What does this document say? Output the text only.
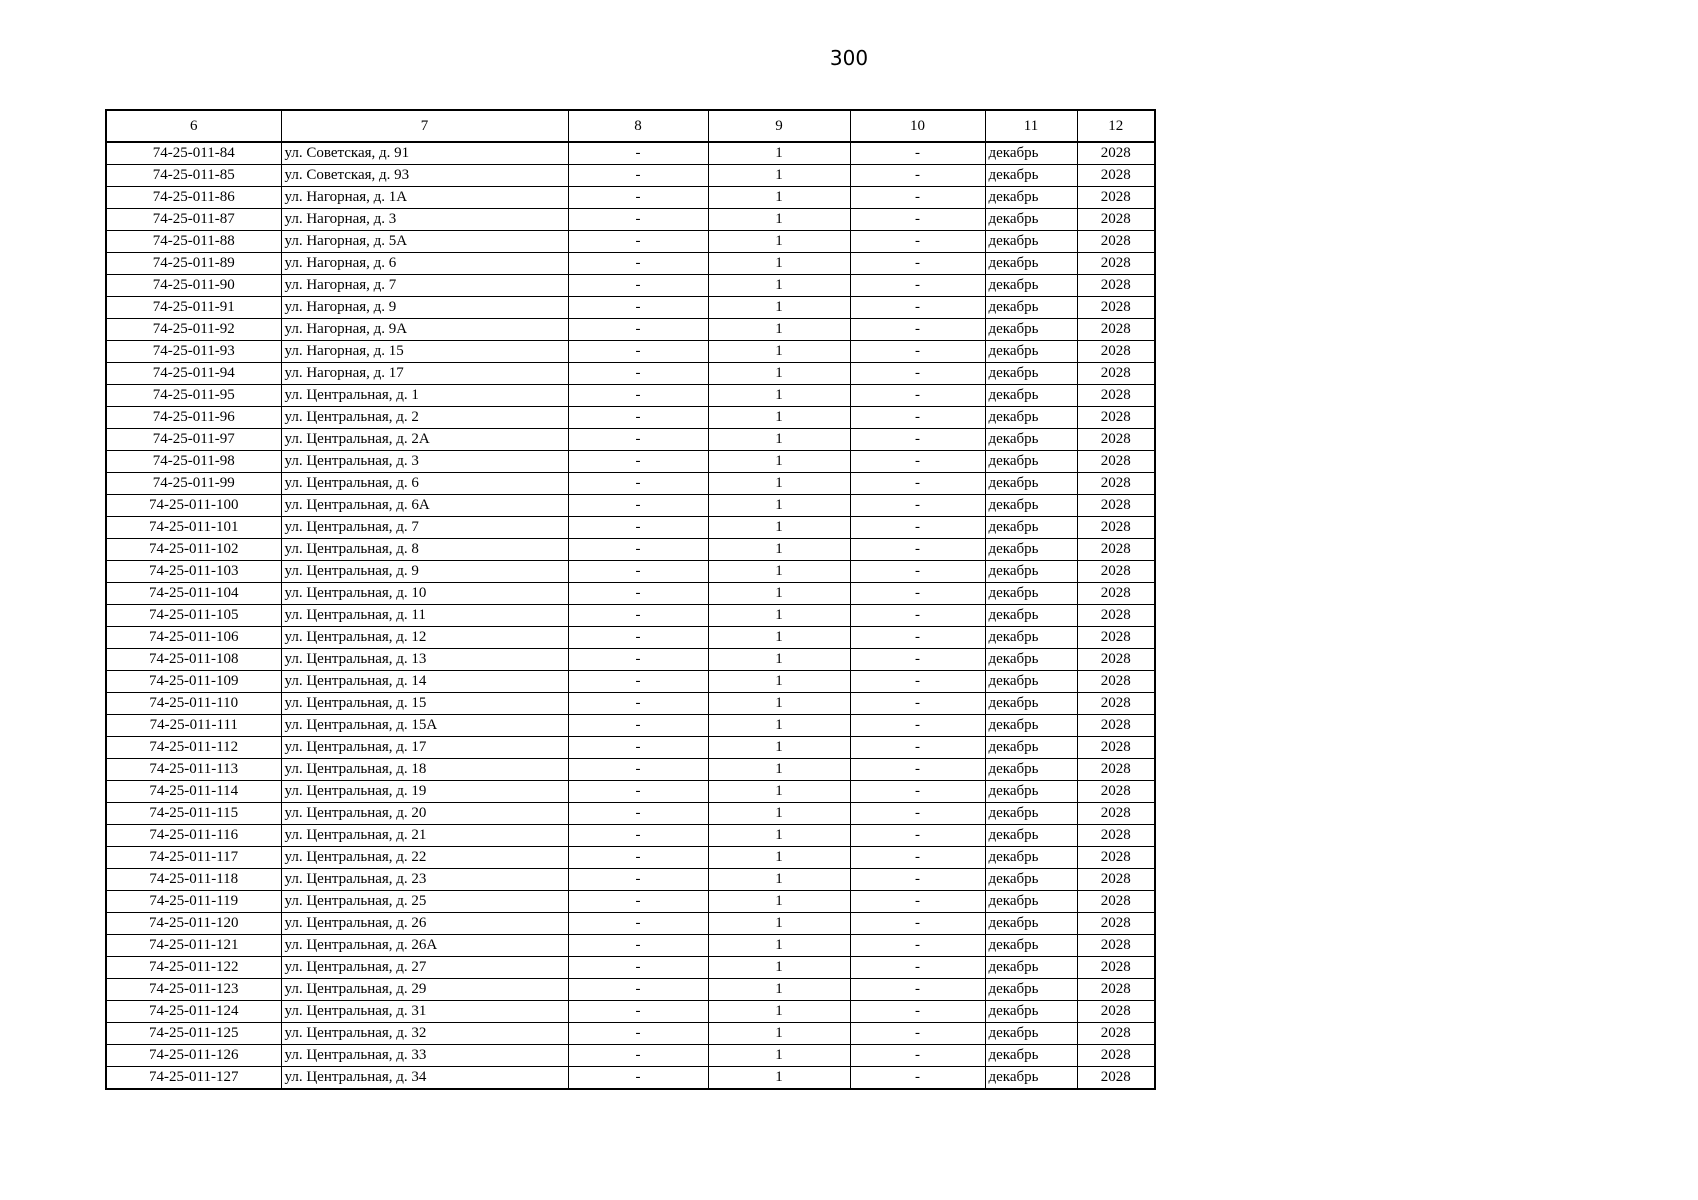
300
6	7	8	9	10	11	12
74-25-011-84	ул. Советская, д. 91	-	1	-	декабрь	2028
74-25-011-85	ул. Советская, д. 93	-	1	-	декабрь	2028
74-25-011-86	ул. Нагорная, д. 1А	-	1	-	декабрь	2028
74-25-011-87	ул. Нагорная, д. 3	-	1	-	декабрь	2028
74-25-011-88	ул. Нагорная, д. 5А	-	1	-	декабрь	2028
74-25-011-89	ул. Нагорная, д. 6	-	1	-	декабрь	2028
74-25-011-90	ул. Нагорная, д. 7	-	1	-	декабрь	2028
74-25-011-91	ул. Нагорная, д. 9	-	1	-	декабрь	2028
74-25-011-92	ул. Нагорная, д. 9А	-	1	-	декабрь	2028
74-25-011-93	ул. Нагорная, д. 15	-	1	-	декабрь	2028
74-25-011-94	ул. Нагорная, д. 17	-	1	-	декабрь	2028
74-25-011-95	ул. Центральная, д. 1	-	1	-	декабрь	2028
74-25-011-96	ул. Центральная, д. 2	-	1	-	декабрь	2028
74-25-011-97	ул. Центральная, д. 2А	-	1	-	декабрь	2028
74-25-011-98	ул. Центральная, д. 3	-	1	-	декабрь	2028
74-25-011-99	ул. Центральная, д. 6	-	1	-	декабрь	2028
74-25-011-100	ул. Центральная, д. 6А	-	1	-	декабрь	2028
74-25-011-101	ул. Центральная, д. 7	-	1	-	декабрь	2028
74-25-011-102	ул. Центральная, д. 8	-	1	-	декабрь	2028
74-25-011-103	ул. Центральная, д. 9	-	1	-	декабрь	2028
74-25-011-104	ул. Центральная, д. 10	-	1	-	декабрь	2028
74-25-011-105	ул. Центральная, д. 11	-	1	-	декабрь	2028
74-25-011-106	ул. Центральная, д. 12	-	1	-	декабрь	2028
74-25-011-108	ул. Центральная, д. 13	-	1	-	декабрь	2028
74-25-011-109	ул. Центральная, д. 14	-	1	-	декабрь	2028
74-25-011-110	ул. Центральная, д. 15	-	1	-	декабрь	2028
74-25-011-111	ул. Центральная, д. 15А	-	1	-	декабрь	2028
74-25-011-112	ул. Центральная, д. 17	-	1	-	декабрь	2028
74-25-011-113	ул. Центральная, д. 18	-	1	-	декабрь	2028
74-25-011-114	ул. Центральная, д. 19	-	1	-	декабрь	2028
74-25-011-115	ул. Центральная, д. 20	-	1	-	декабрь	2028
74-25-011-116	ул. Центральная, д. 21	-	1	-	декабрь	2028
74-25-011-117	ул. Центральная, д. 22	-	1	-	декабрь	2028
74-25-011-118	ул. Центральная, д. 23	-	1	-	декабрь	2028
74-25-011-119	ул. Центральная, д. 25	-	1	-	декабрь	2028
74-25-011-120	ул. Центральная, д. 26	-	1	-	декабрь	2028
74-25-011-121	ул. Центральная, д. 26А	-	1	-	декабрь	2028
74-25-011-122	ул. Центральная, д. 27	-	1	-	декабрь	2028
74-25-011-123	ул. Центральная, д. 29	-	1	-	декабрь	2028
74-25-011-124	ул. Центральная, д. 31	-	1	-	декабрь	2028
74-25-011-125	ул. Центральная, д. 32	-	1	-	декабрь	2028
74-25-011-126	ул. Центральная, д. 33	-	1	-	декабрь	2028
74-25-011-127	ул. Центральная, д. 34	-	1	-	декабрь	2028
